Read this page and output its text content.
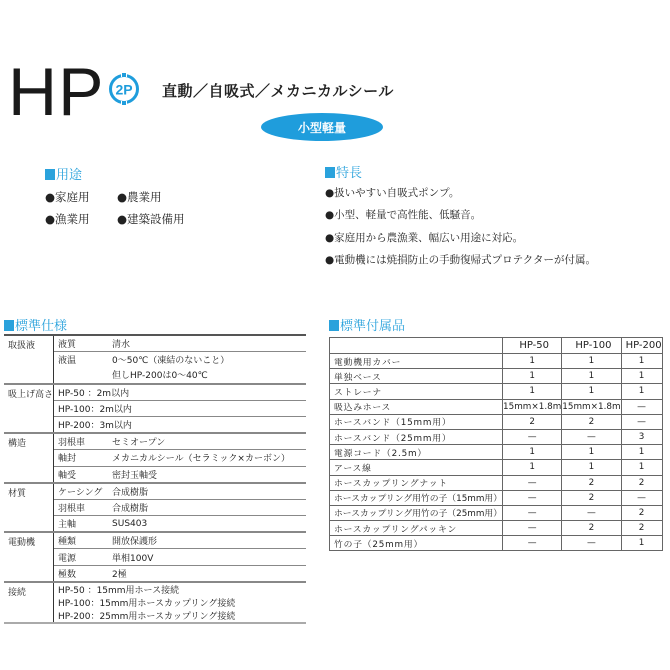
HP 2P 直動／自吸式／メカニカルシール
小型軽量
用途
●家庭用 ●農業用
●漁業用 ●建築設備用
特長
●扱いやすい自吸式ポンプ。
●小型、軽量で高性能、低騒音。
●家庭用から農漁業、幅広い用途に対応。
●電動機には焼損防止の手動復帰式プロテクターが付属。
標準仕様
取扱液	液質	清水
	液温	0〜50℃（凍結のないこと）
		但しHP-200は0〜40℃
吸上げ高さ	HP-50 ：2m以内	
	HP-100：2m以内	
	HP-200：3m以内	
構造	羽根車	セミオープン
	軸封	メカニカルシール（セラミック×カーボン）
	軸受	密封玉軸受
材質	ケーシング	合成樹脂
	羽根車	合成樹脂
	主軸	SUS403
電動機	種類	開放保護形
	電源	単相100V
	極数	2極
接続	HP-50 ：15mm用ホース接続	
	HP-100：15mm用ホースカップリング接続	
	HP-200：25mm用ホースカップリング接続	
標準付属品
	HP-50	HP-100	HP-200
電動機用カバー	1	1	1
単独ベース	1	1	1
ストレーナ	1	1	1
吸込みホース	15mm×1.8m	15mm×1.8m	—
ホースバンド（15mm用）	2	2	—
ホースバンド（25mm用）	—	—	3
電源コード（2.5m）	1	1	1
アース線	1	1	1
ホースカップリングナット	—	2	2
ホースカップリング用竹の子（15mm用）	—	2	—
ホースカップリング用竹の子（25mm用）	—	—	2
ホースカップリングパッキン	—	2	2
竹の子（25mm用）	—	—	1
